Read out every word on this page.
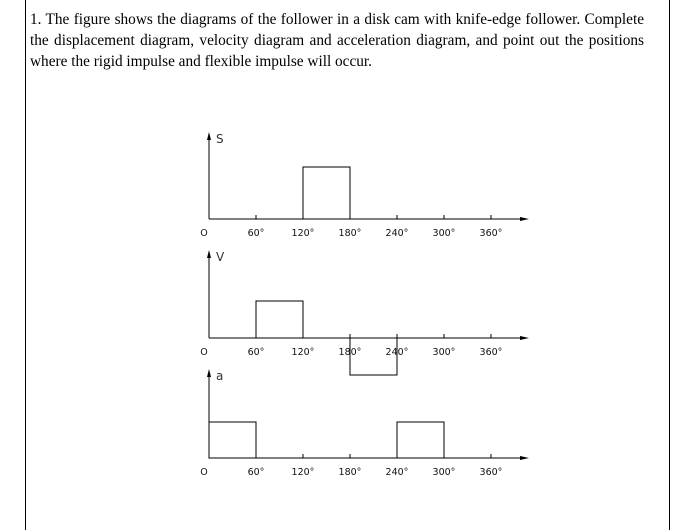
1. The figure shows the diagrams of the follower in a disk cam with knife-edge follower. Complete the displacement diagram, velocity diagram and acceleration diagram, and point out the positions where the rigid impulse and flexible impulse will occur.
S
O	60°	120°	180°	240°	300°	360°
V
O	60°	120°	180°	240°	300°	360°
a
O	60°	120°	180°	240°	300°	360°
